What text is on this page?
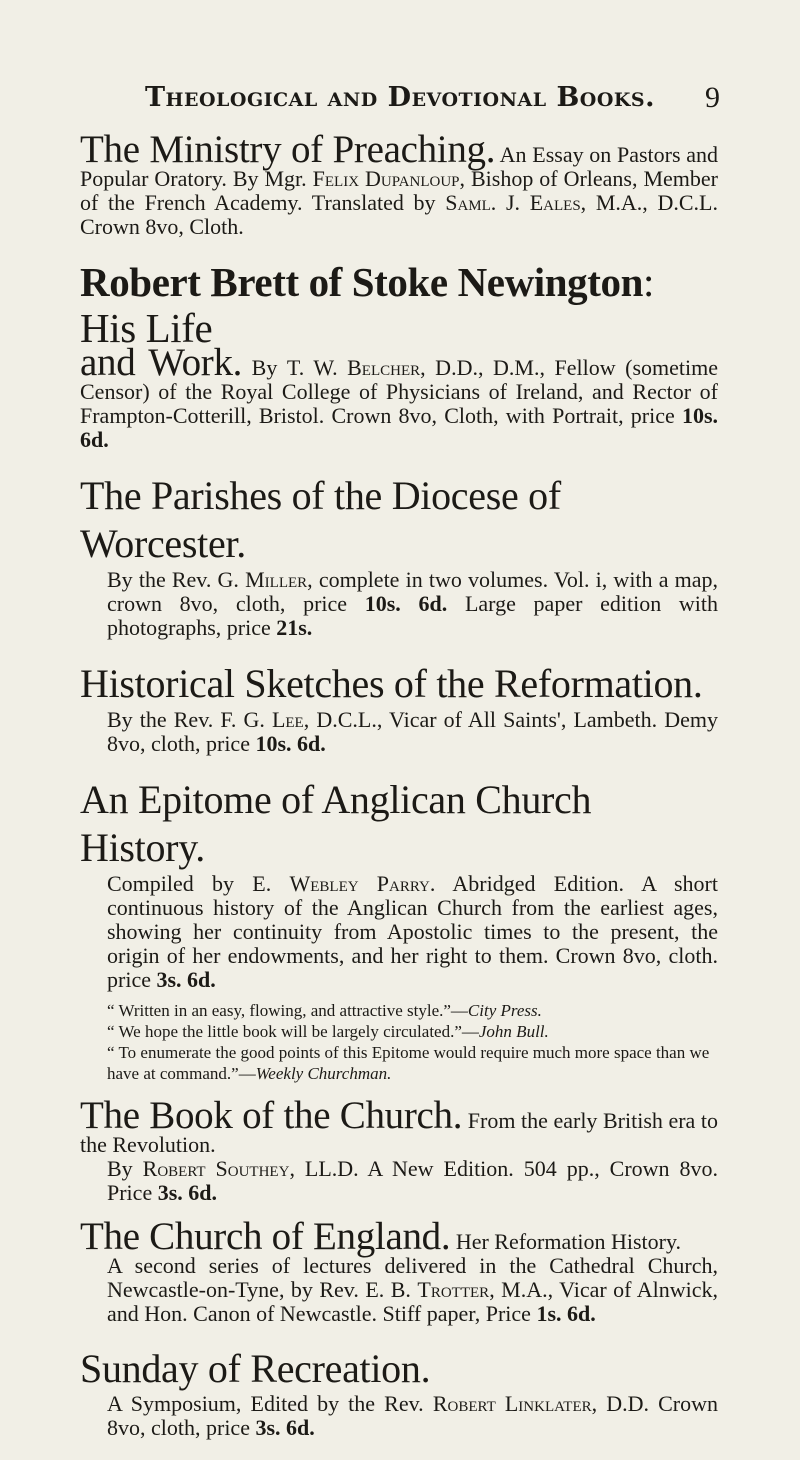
Theological and Devotional Books.	9

The Ministry of Preaching. An Essay on Pastors and Popular Oratory. By Mgr. Felix Dupanloup, Bishop of Orleans, Member of the French Academy. Translated by Saml. J. Eales, M.A., D.C.L. Crown 8vo, Cloth.

Robert Brett of Stoke Newington: His Life

and Work. By T. W. Belcher, D.D., D.M., Fellow (sometime Censor) of the Royal College of Physicians of Ireland, and Rector of Frampton-Cotterill, Bristol. Crown 8vo, Cloth, with Portrait, price 10s. 6d.

The Parishes of the Diocese of Worcester.

By the Rev. G. Miller, complete in two volumes. Vol. i, with a map, crown 8vo, cloth, price 10s. 6d. Large paper edition with photographs, price 21s.

Historical Sketches of the Reformation.

By the Rev. F. G. Lee, D.C.L., Vicar of All Saints', Lambeth. Demy 8vo, cloth, price 10s. 6d.

An Epitome of Anglican Church History.

Compiled by E. Webley Parry. Abridged Edition. A short continuous history of the Anglican Church from the earliest ages, showing her continuity from Apostolic times to the present, the origin of her endowments, and her right to them. Crown 8vo, cloth. price 3s. 6d.

“ Written in an easy, flowing, and attractive style.”—City Press.

“ We hope the little book will be largely circulated.”—John Bull.

“ To enumerate the good points of this Epitome would require much more space than we have at command.”—Weekly Churchman.

The Book of the Church. From the early British era to the Revolution.

By Robert Southey, LL.D. A New Edition. 504 pp., Crown 8vo. Price 3s. 6d.

The Church of England. Her Reformation History.

A second series of lectures delivered in the Cathedral Church, Newcastle-on-Tyne, by Rev. E. B. Trotter, M.A., Vicar of Alnwick, and Hon. Canon of Newcastle. Stiff paper, Price 1s. 6d.

Sunday of Recreation.

A Symposium, Edited by the Rev. Robert Linklater, D.D. Crown 8vo, cloth, price 3s. 6d.
